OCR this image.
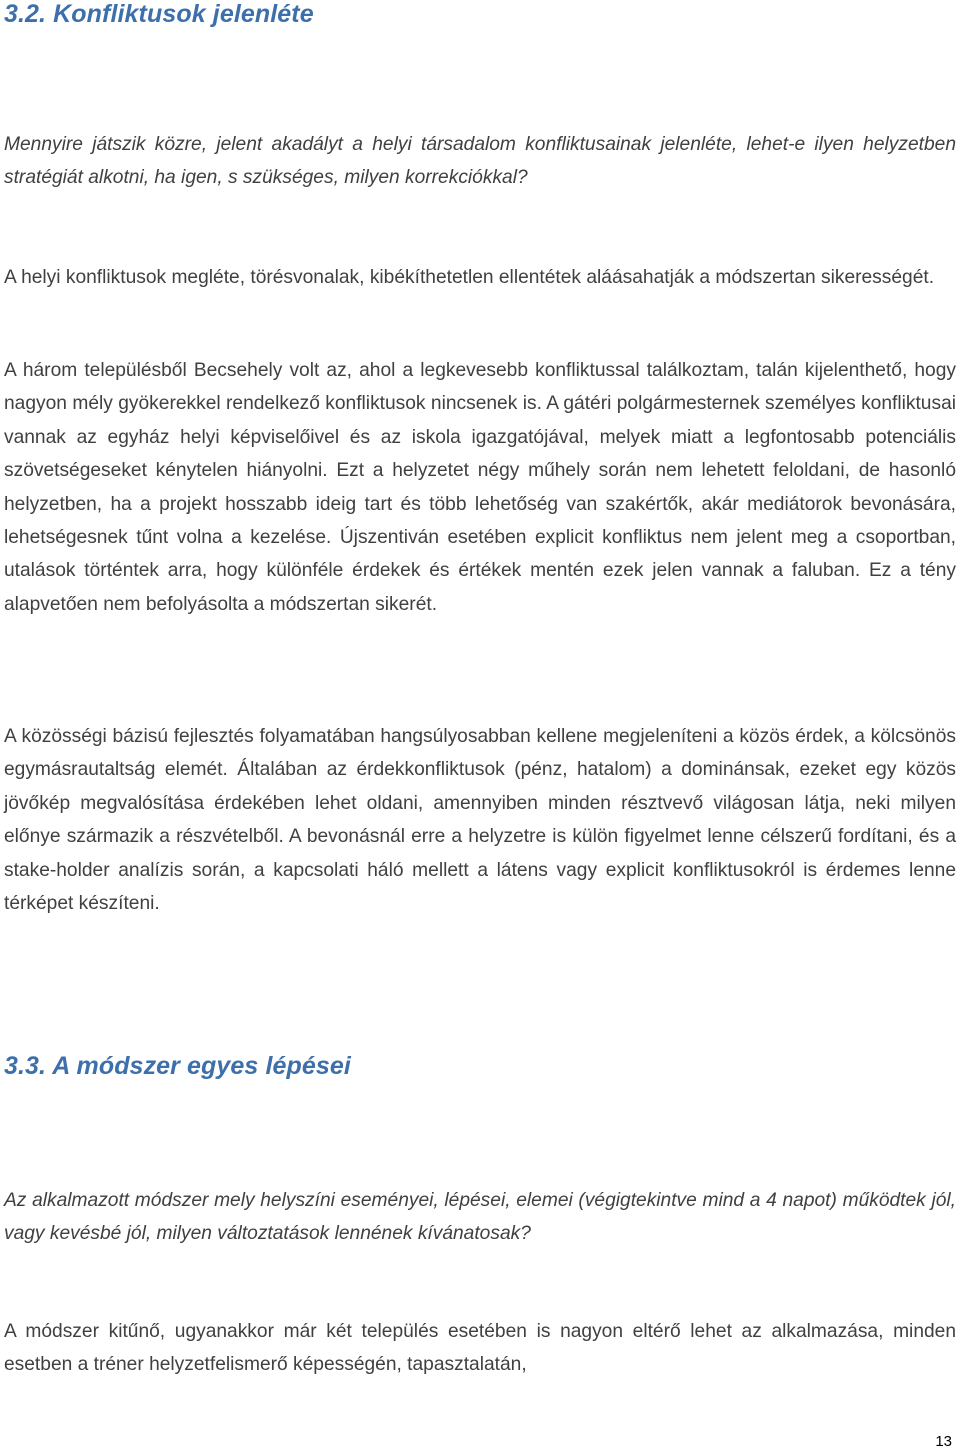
3.2. Konfliktusok jelenléte

Mennyire játszik közre, jelent akadályt a helyi társadalom konfliktusainak jelenléte, lehet-e ilyen helyzetben stratégiát alkotni, ha igen, s szükséges, milyen korrekciókkal?

A helyi konfliktusok megléte, törésvonalak, kibékíthetetlen ellentétek aláásahatják a módszertan sikerességét.

A három településből Becsehely volt az, ahol a legkevesebb konfliktussal találkoztam, talán kijelenthető, hogy nagyon mély gyökerekkel rendelkező konfliktusok nincsenek is. A gátéri polgármesternek személyes konfliktusai vannak az egyház helyi képviselőivel és az iskola igazgatójával, melyek miatt a legfontosabb potenciális szövetségeseket kénytelen hiányolni. Ezt a helyzetet négy műhely során nem lehetett feloldani, de hasonló helyzetben, ha a projekt hosszabb ideig tart és több lehetőség van szakértők, akár mediátorok bevonására, lehetségesnek tűnt volna a kezelése. Újszentiván esetében explicit konfliktus nem jelent meg a csoportban, utalások történtek arra, hogy különféle érdekek és értékek mentén ezek jelen vannak a faluban. Ez a tény alapvetően nem befolyásolta a módszertan sikerét.

A közösségi bázisú fejlesztés folyamatában hangsúlyosabban kellene megjeleníteni a közös érdek, a kölcsönös egymásrautaltság elemét. Általában az érdekkonfliktusok (pénz, hatalom) a dominánsak, ezeket egy közös jövőkép megvalósítása érdekében lehet oldani, amennyiben minden résztvevő világosan látja, neki milyen előnye származik a részvételből. A bevonásnál erre a helyzetre is külön figyelmet lenne célszerű fordítani, és a stake-holder analízis során, a kapcsolati háló mellett a látens vagy explicit konfliktusokról is érdemes lenne térképet készíteni.

3.3. A módszer egyes lépései

Az alkalmazott módszer mely helyszíni eseményei, lépései, elemei (végigtekintve mind a 4 napot) működtek jól, vagy kevésbé jól, milyen változtatások lennének kívánatosak?

A módszer kitűnő, ugyanakkor már két település esetében is nagyon eltérő lehet az alkalmazása, minden esetben a tréner helyzetfelismerő képességén, tapasztalatán,

13
